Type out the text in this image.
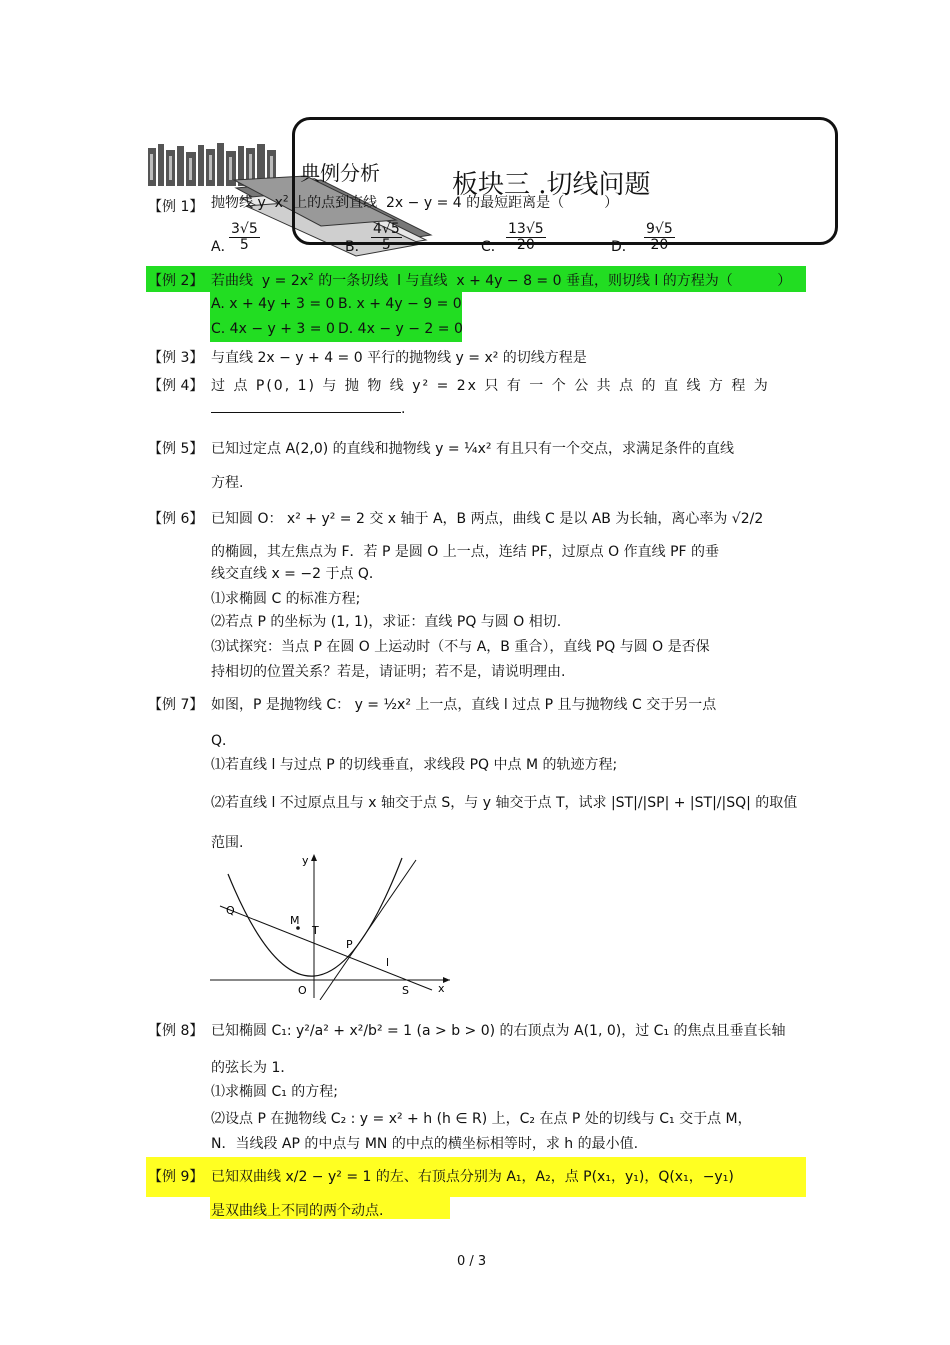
典例分析	板块三 .切线问题
【例 1】 抛物线 y  $x^2$ 上的点到直线  2x − y = 4 的最短距离是（         ）
A．
$\frac{3√5}{5}$	B． $\frac{4√5}{5}$	C． $\frac{13√5}{20}$	D． $\frac{9√5}{20}$
【例 2】 若曲线  $y = 2x^2$ 的一条切线  l 与直线  x + 4y − 8 = 0 垂直，则切线 l 的方程为（          ）
A. x + 4y + 3 = 0 B. x + 4y − 9 = 0
C. 4x − y + 3 = 0 D. 4x − y − 2 = 0
【例 3】 与直线 2x − y + 4 = 0 平行的抛物线 y = x² 的切线方程是
【例 4】 过 点 P(0, 1) 与 抛 物 线 y² = 2x 只 有 一 个 公 共 点 的 直 线 方 程 为
.
【例 5】 已知过定点 A(2,0) 的直线和抛物线 y = ¼x² 有且只有一个交点，求满足条件的直线
方程.
【例 6】 已知圆 O： x² + y² = 2 交 x 轴于 A，B 两点，曲线 C 是以 AB 为长轴，离心率为 √2/2
的椭圆，其左焦点为 F．若 P 是圆 O 上一点，连结 PF，过原点 O 作直线 PF 的垂
线交直线 x = −2 于点 Q．
⑴求椭圆 C 的标准方程;
⑵若点 P 的坐标为 (1, 1)，求证：直线 PQ 与圆 O 相切.
⑶试探究：当点 P 在圆 O 上运动时（不与 A，B 重合），直线 PQ 与圆 O 是否保
持相切的位置关系？若是，请证明；若不是，请说明理由.
【例 7】 如图，P 是抛物线 C： y = ½x² 上一点，直线 l 过点 P 且与抛物线 C 交于另一点
Q．
⑴若直线 l 与过点 P 的切线垂直，求线段 PQ 中点 M 的轨迹方程;
⑵若直线 l 不过原点且与 x 轴交于点 S，与 y 轴交于点 T，试求 |ST|/|SP| + |ST|/|SQ| 的取值
范围.
Q
M
T
P
l
O	S	x
y
【例 8】 已知椭圆 C₁: y²/a² + x²/b² = 1 (a > b > 0) 的右顶点为 A(1, 0)，过 C₁ 的焦点且垂直长轴
的弦长为 1．
⑴求椭圆 C₁ 的方程;
⑵设点 P 在抛物线 C₂ : y = x² + h (h ∈ R) 上，C₂ 在点 P 处的切线与 C₁ 交于点 M，
N．当线段 AP 的中点与 MN 的中点的横坐标相等时，求 h 的最小值.
【例 9】 已知双曲线 x/2 − y² = 1 的左、右顶点分别为 A₁，A₂，点 P(x₁，y₁)，Q(x₁，−y₁)
是双曲线上不同的两个动点.
0 / 3
